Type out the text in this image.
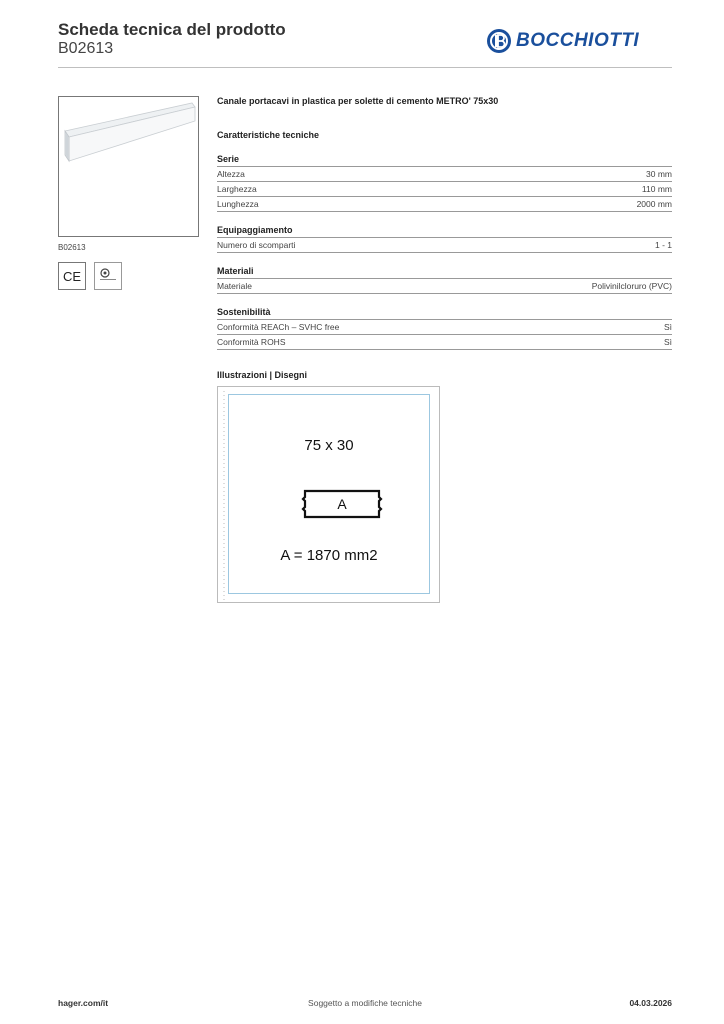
Scheda tecnica del prodotto
B02613	BOCCHIOTTI
B02613
CE
Canale portacavi in plastica per solette di cemento METRO' 75x30
Caratteristiche tecniche
Serie
Altezza	30 mm
Larghezza	110 mm
Lunghezza	2000 mm
Equipaggiamento
Numero di scomparti	1 - 1
Materiali
Materiale	Polivinilcloruro (PVC)
Sostenibilità
Conformità REACh – SVHC free	Sì
Conformità ROHS	Sì
Illustrazioni | Disegni
75 x 30
A
A = 1870 mm2
hager.com/it	Soggetto a modifiche tecniche	04.03.2026
